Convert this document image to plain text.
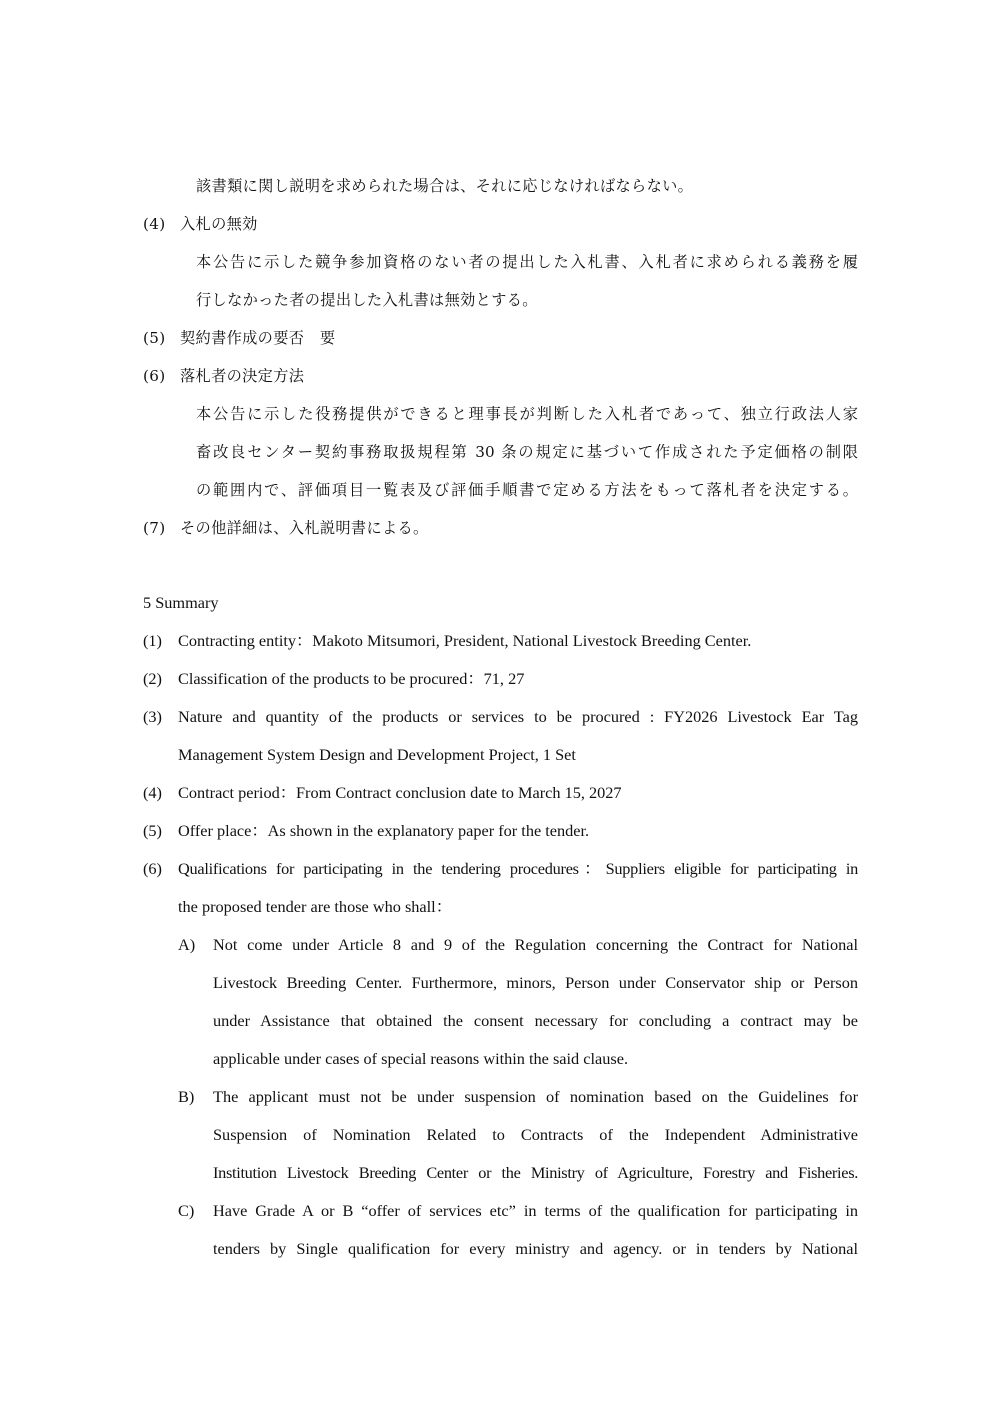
該書類に関し説明を求められた場合は、それに応じなければならない。
(4) 入札の無効
本公告に示した競争参加資格のない者の提出した入札書、入札者に求められる義務を履
行しなかった者の提出した入札書は無効とする。
(5) 契約書作成の要否　要
(6) 落札者の決定方法
本公告に示した役務提供ができると理事長が判断した入札者であって、独立行政法人家
畜改良センター契約事務取扱規程第 30 条の規定に基づいて作成された予定価格の制限
の範囲内で、評価項目一覧表及び評価手順書で定める方法をもって落札者を決定する。
(7) その他詳細は、入札説明書による。
5 Summary
(1) Contracting entity：Makoto Mitsumori, President, National Livestock Breeding Center.
(2) Classification of the products to be procured：71, 27
(3) Nature and quantity of the products or services to be procured : FY2026 Livestock Ear Tag
Management System Design and Development Project, 1 Set
(4) Contract period：From Contract conclusion date to March 15, 2027
(5) Offer place：As shown in the explanatory paper for the tender.
(6) Qualifications for participating in the tendering procedures：Suppliers eligible for participating in
the proposed tender are those who shall：
A) Not come under Article 8 and 9 of the Regulation concerning the Contract for National
Livestock Breeding Center. Furthermore, minors, Person under Conservator ship or Person
under Assistance that obtained the consent necessary for concluding a contract may be
applicable under cases of special reasons within the said clause.
B) The applicant must not be under suspension of nomination based on the Guidelines for
Suspension of Nomination Related to Contracts of the Independent Administrative
Institution Livestock Breeding Center or the Ministry of Agriculture, Forestry and Fisheries.
C) Have Grade A or B “offer of services etc” in terms of the qualification for participating in
tenders by Single qualification for every ministry and agency. or in tenders by National
